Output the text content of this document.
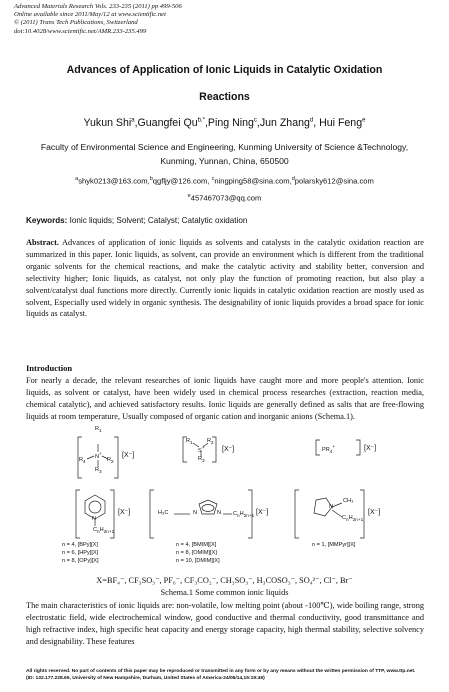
Advanced Materials Research Vols. 233-235 (2011) pp 499-506
Online available since 2011/May/12 at www.scientific.net
© (2011) Trans Tech Publications, Switzerland
doi:10.4028/www.scientific.net/AMR.233-235.499
Advances of Application of Ionic Liquids in Catalytic Oxidation
Reactions
Yukun Shi$^a$,Guangfei $Qu^{b,*},Ping$ Ning$^c$,Jun Zhang$^d$, Hui Feng$^e$
Faculty of Environmental Science and Engineering, Kunming University of Science &Technology,
Kunming, Yunnan, China, 650500
$^a$shyk0213@163.com,$^b$qgfljy@126.com, $^c$ningping58@sina.com,$^d$polarsky612@sina.com
$^e$457467073@qq.com
Keywords: Ionic liquids; Solvent; Catalyst; Catalytic oxidation
Abstract. Advances of application of ionic liquids as solvents and catalysts in the catalytic oxidation reaction are summarized in this paper. Ionic liquids, as solvent, can provide an environment which is different from the traditional organic solvents for the chemical reactions, and make the catalytic activity and stability better, conversion and selectivity higher; Ionic liquids, as catalyst, not only play the function of promoting reaction, but also play a solvent/catalyst dual functions more directly. Currently ionic liquids in catalytic oxidation reaction are mostly used as solvent, Especially used widely in organic synthesis. The designability of ionic liquids provides a broad space for ionic liquids as catalyst.
Introduction
For nearly a decade, the relevant researches of ionic liquids have caught more and more people's attention. Ionic liquids, as solvent or catalyst, have been widely used in chemical process researches (extraction, reaction media, chemical catalytic), and achieved satisfactory results. Ionic liquids are generally defined as salts that are free-flowing liquids at room temperature, Usually composed of organic cation and inorganic anions (Schema.1).
$R_1$
N+
$R_4$	$R_2$
$R_3$
[X⁻]
$R_1$
S+
$R_2$
$R_3$
[X⁻]	$PR_4^+$	[X⁻]
N
$C_nH_{2n+1}$
[X⁻]
n = 4, [BPy][X]
n = 6, [HPy][X]
n = 8, [OPy][X]
H₃C	N	N $C_nH_{2n+1}$ [X⁻]
n = 4, [BMIM][X]
n = 8, [OMIM][X]
n = 10, [DMIM][X]
N
CH₃
$C_nH_{2n+1}$
[X⁻]
n = 1, [MMPyr][X]
X=BF₄⁻, CF₃SO₃⁻, PF₆⁻, CF₃CO₂⁻, CH₃SO₃⁻, H₃COSO₃⁻, SO₄²⁻, Cl⁻, Br⁻
Schema.1 Some common ionic liquids
The main characteristics of ionic liquids are: non-volatile, low melting point (about -100℃), wide boiling range, strong electrostatic field, wide electrochemical window, good conductive and thermal conductivity, good transmittance and high refractive index, high specific heat capacity and energy storage capacity, high thermal stability, selective solvency and designability. These features
All rights reserved. No part of contents of this paper may be reproduced or transmitted in any form or by any means without the written permission of TTP, www.ttp.net. (ID: 132.177.228.65, University of New Hampshire, Durham, United States of America-24/06/14,15:19:49)
